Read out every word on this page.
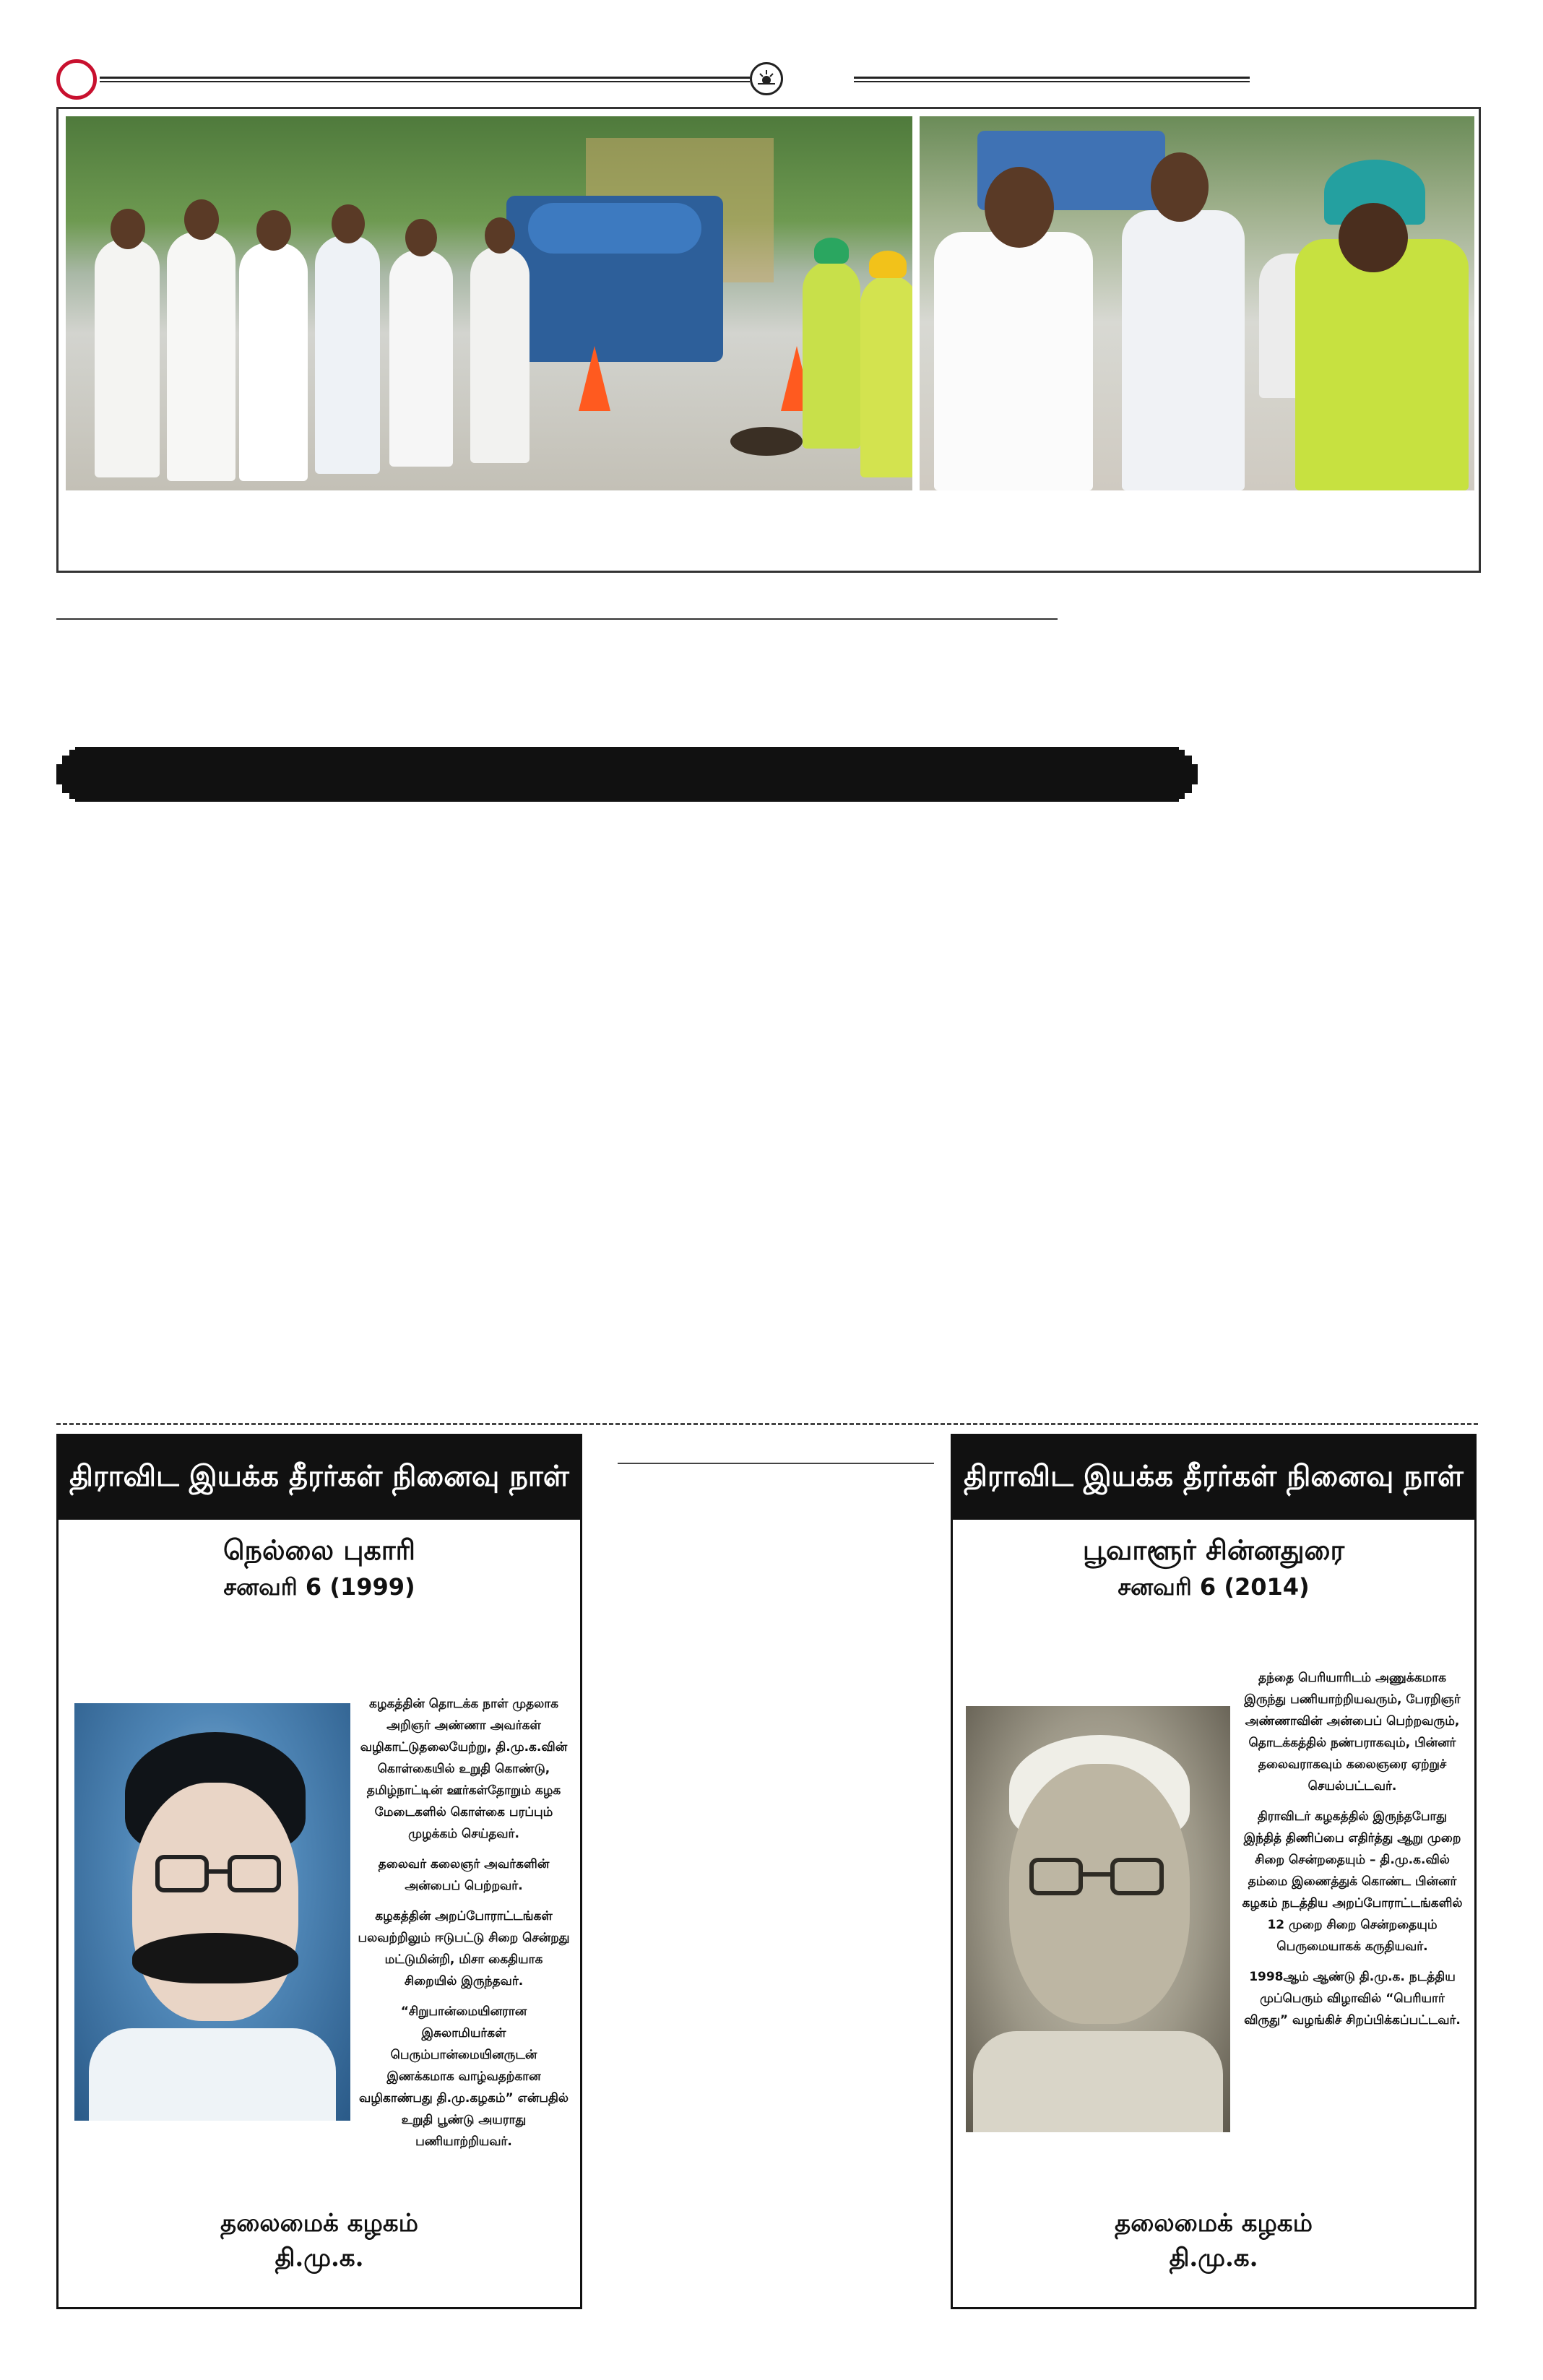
திராவிட இயக்க தீரர்கள் நினைவு நாள்
நெல்லை புகாரி
சனவரி 6 (1999)

கழகத்தின் தொடக்க நாள் முதலாக அறிஞர் அண்ணா அவர்கள் வழிகாட்டுதலையேற்று, தி.மு.க.வின் கொள்கையில் உறுதி கொண்டு, தமிழ்நாட்டின் ஊர்கள்தோறும் கழக மேடைகளில் கொள்கை பரப்பும் முழக்கம் செய்தவர்.

தலைவர் கலைஞர் அவர்களின் அன்பைப் பெற்றவர்.

கழகத்தின் அறப்போராட்டங்கள் பலவற்றிலும் ஈடுபட்டு சிறை சென்றது மட்டுமின்றி, மிசா கைதியாக சிறையில் இருந்தவர்.

“சிறுபான்மையினரான இசுலாமியர்கள் பெரும்பான்மையினருடன் இணக்கமாக வாழ்வதற்கான வழிகாண்பது தி.மு.கழகம்” என்பதில் உறுதி பூண்டு அயராது பணியாற்றியவர்.

தலைமைக் கழகம்
தி.மு.க.
திராவிட இயக்க தீரர்கள் நினைவு நாள்
பூவாளூர் சின்னதுரை
சனவரி 6 (2014)

தந்தை பெரியாரிடம் அணுக்கமாக இருந்து பணியாற்றியவரும், பேரறிஞர் அண்ணாவின் அன்பைப் பெற்றவரும், தொடக்கத்தில் நண்பராகவும், பின்னர் தலைவராகவும் கலைஞரை ஏற்றுச் செயல்பட்டவர்.

திராவிடர் கழகத்தில் இருந்தபோது இந்தித் திணிப்பை எதிர்த்து ஆறு முறை சிறை சென்றதையும் – தி.மு.க.வில் தம்மை இணைத்துக் கொண்ட பின்னர் கழகம் நடத்திய அறப்போராட்டங்களில் 12 முறை சிறை சென்றதையும் பெருமையாகக் கருதியவர்.

1998ஆம் ஆண்டு தி.மு.க. நடத்திய முப்பெரும் விழாவில் “பெரியார் விருது” வழங்கிச் சிறப்பிக்கப்பட்டவர்.

தலைமைக் கழகம்
தி.மு.க.
